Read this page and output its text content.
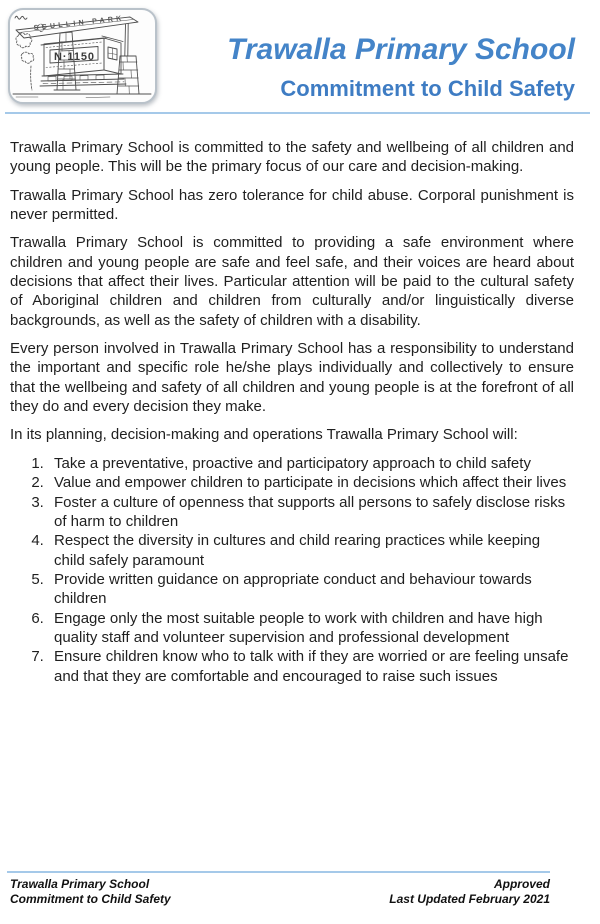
SCULLIN PARK
N·1150	Trawalla Primary School
Commitment to Child Safety

Trawalla Primary School is committed to the safety and wellbeing of all children and young people. This will be the primary focus of our care and decision-making.

Trawalla Primary School has zero tolerance for child abuse. Corporal punishment is never permitted.

Trawalla Primary School is committed to providing a safe environment where children and young people are safe and feel safe, and their voices are heard about decisions that affect their lives. Particular attention will be paid to the cultural safety of Aboriginal children and children from culturally and/or linguistically diverse backgrounds, as well as the safety of children with a disability.

Every person involved in Trawalla Primary School has a responsibility to understand the important and specific role he/she plays individually and collectively to ensure that the wellbeing and safety of all children and young people is at the forefront of all they do and every decision they make.

In its planning, decision-making and operations Trawalla Primary School will:

1. Take a preventative, proactive and participatory approach to child safety
2. Value and empower children to participate in decisions which affect their lives
3. Foster a culture of openness that supports all persons to safely disclose risks of harm to children
4. Respect the diversity in cultures and child rearing practices while keeping child safely paramount
5. Provide written guidance on appropriate conduct and behaviour towards children
6. Engage only the most suitable people to work with children and have high quality staff and volunteer supervision and professional development
7. Ensure children know who to talk with if they are worried or are feeling unsafe and that they are comfortable and encouraged to raise such issues
Trawalla Primary School
Commitment to Child Safety
Approved
Last Updated February 2021
